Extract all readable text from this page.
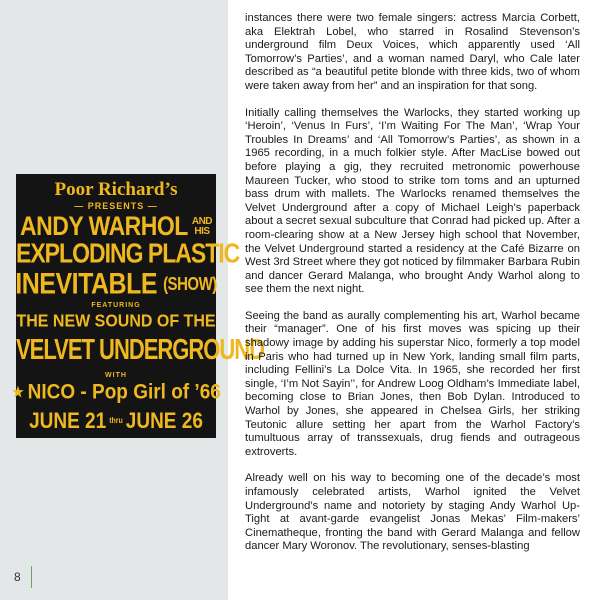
Poor Richard’s
— PRESENTS —
ANDY WARHOL AND
HIS
EXPLODING PLASTIC
INEVITABLE (SHOW)
FEATURING
THE NEW SOUND OF THE
VELVET UNDERGROUND
WITH
★ NICO - Pop Girl of ’66
JUNE 21 thru JUNE 26

8

instances there were two female singers: actress Marcia Corbett, aka Elektrah Lobel, who starred in Rosalind Stevenson’s underground film Deux Voices, which apparently used ‘All Tomorrow’s Parties’, and a woman named Daryl, who Cale later described as “a beautiful petite blonde with three kids, two of whom were taken away from her” and an inspiration for that song.

Initially calling themselves the Warlocks, they started working up ‘Heroin’, ‘Venus In Furs’, ‘I’m Waiting For The Man’, ‘Wrap Your Troubles In Dreams’ and ‘All Tomorrow’s Parties’, as shown in a 1965 recording, in a much folkier style. After MacLise bowed out before playing a gig, they recruited metronomic powerhouse Maureen Tucker, who stood to strike tom toms and an upturned bass drum with mallets. The Warlocks renamed themselves the Velvet Underground after a copy of Michael Leigh’s paperback about a secret sexual subculture that Conrad had picked up. After a room-clearing show at a New Jersey high school that November, the Velvet Underground started a residency at the Café Bizarre on West 3rd Street where they got noticed by filmmaker Barbara Rubin and dancer Gerard Malanga, who brought Andy Warhol along to see them the next night.

Seeing the band as aurally complementing his art, Warhol became their “manager”. One of his first moves was spicing up their shadowy image by adding his superstar Nico, formerly a top model in Paris who had turned up in New York, landing small film parts, including Fellini’s La Dolce Vita. In 1965, she recorded her first single, ‘I’m Not Sayin’’, for Andrew Loog Oldham’s Immediate label, becoming close to Brian Jones, then Bob Dylan. Introduced to Warhol by Jones, she appeared in Chelsea Girls, her striking Teutonic allure setting her apart from the Warhol Factory’s tumultuous array of transsexuals, drug fiends and outrageous extroverts.

Already well on his way to becoming one of the decade’s most infamously celebrated artists, Warhol ignited the Velvet Underground’s name and notoriety by staging Andy Warhol Up-Tight at avant-garde evangelist Jonas Mekas’ Film-makers’ Cinematheque, fronting the band with Gerard Malanga and fellow dancer Mary Woronov. The revolutionary, senses-blasting
